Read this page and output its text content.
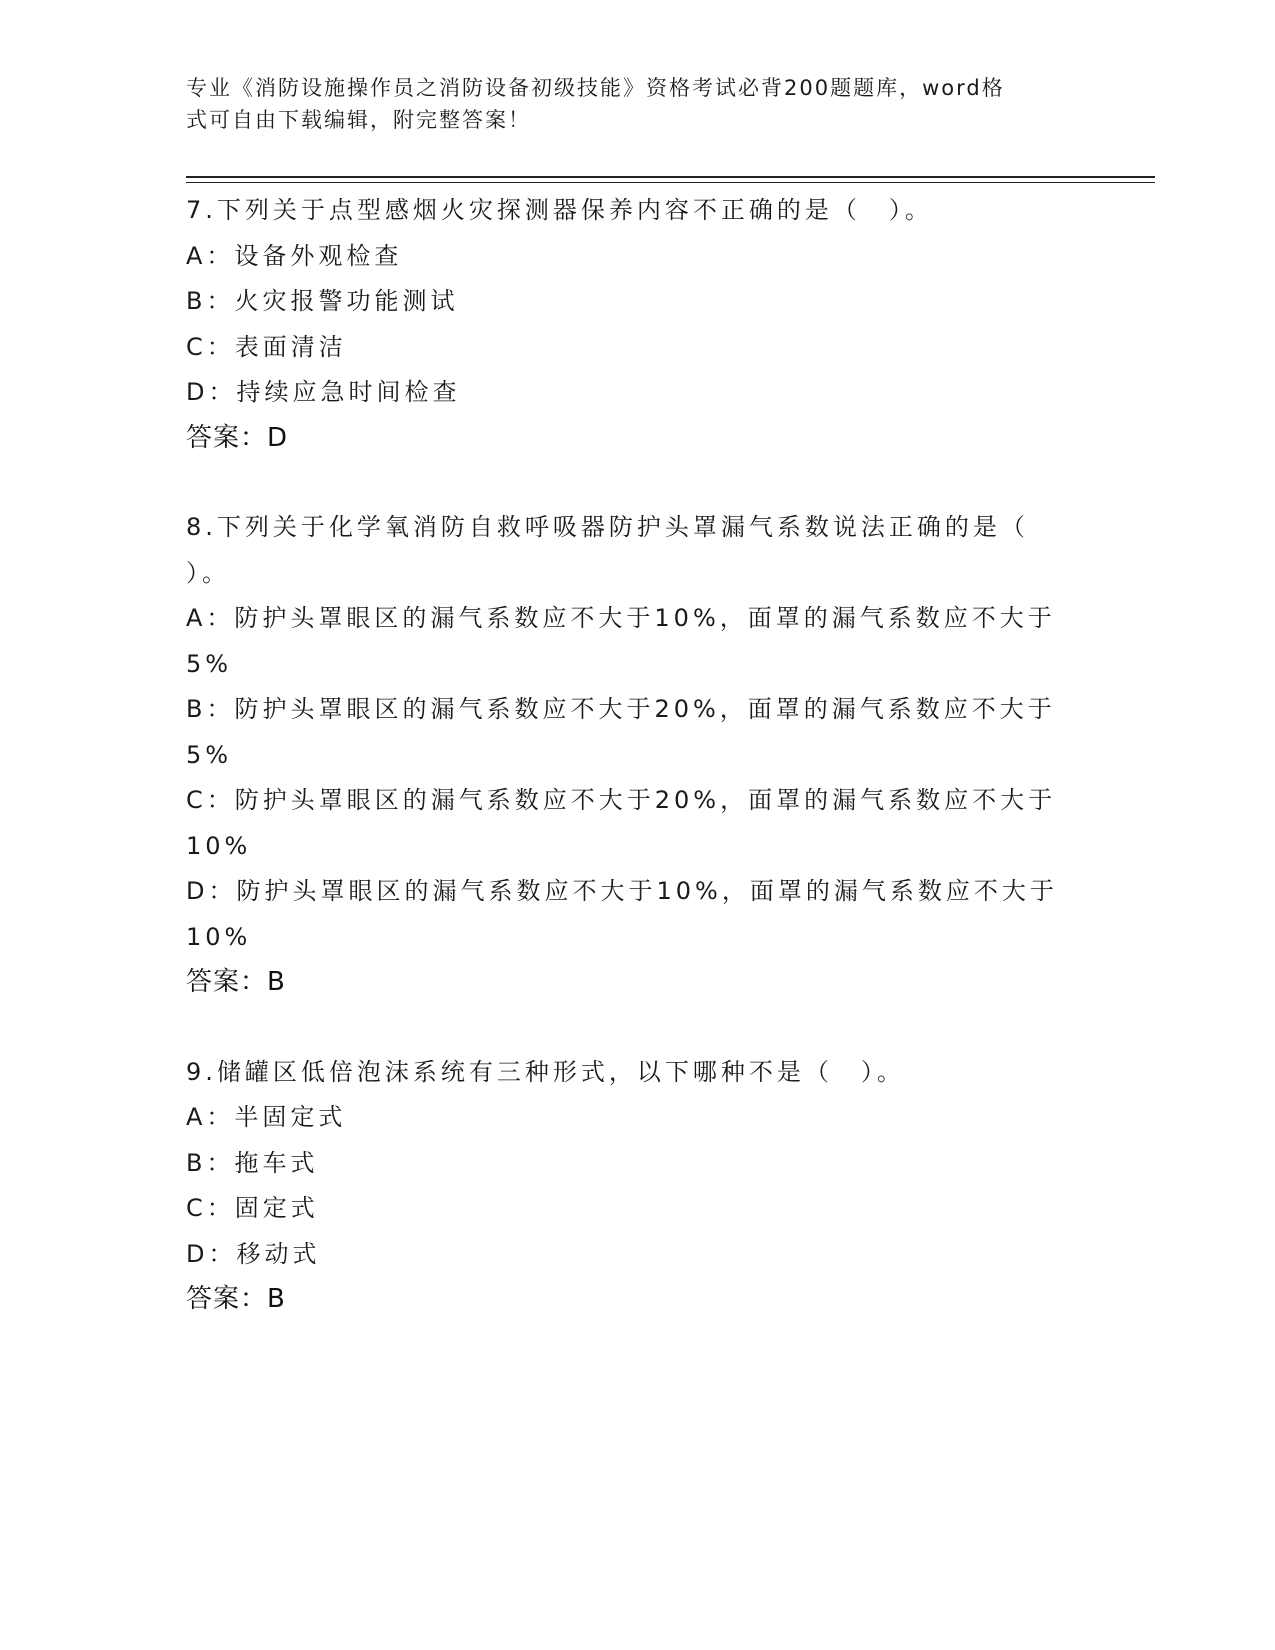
专业《消防设施操作员之消防设备初级技能》资格考试必背200题题库，word格
式可自由下载编辑，附完整答案！
7.下列关于点型感烟火灾探测器保养内容不正确的是（　）。
A：设备外观检查
B：火灾报警功能测试
C：表面清洁
D：持续应急时间检查
答案：D
8.下列关于化学氧消防自救呼吸器防护头罩漏气系数说法正确的是（
）。
A：防护头罩眼区的漏气系数应不大于10%，面罩的漏气系数应不大于
5%
B：防护头罩眼区的漏气系数应不大于20%，面罩的漏气系数应不大于
5%
C：防护头罩眼区的漏气系数应不大于20%，面罩的漏气系数应不大于
10%
D：防护头罩眼区的漏气系数应不大于10%，面罩的漏气系数应不大于
10%
答案：B
9.储罐区低倍泡沫系统有三种形式，以下哪种不是（　）。
A：半固定式
B：拖车式
C：固定式
D：移动式
答案：B
